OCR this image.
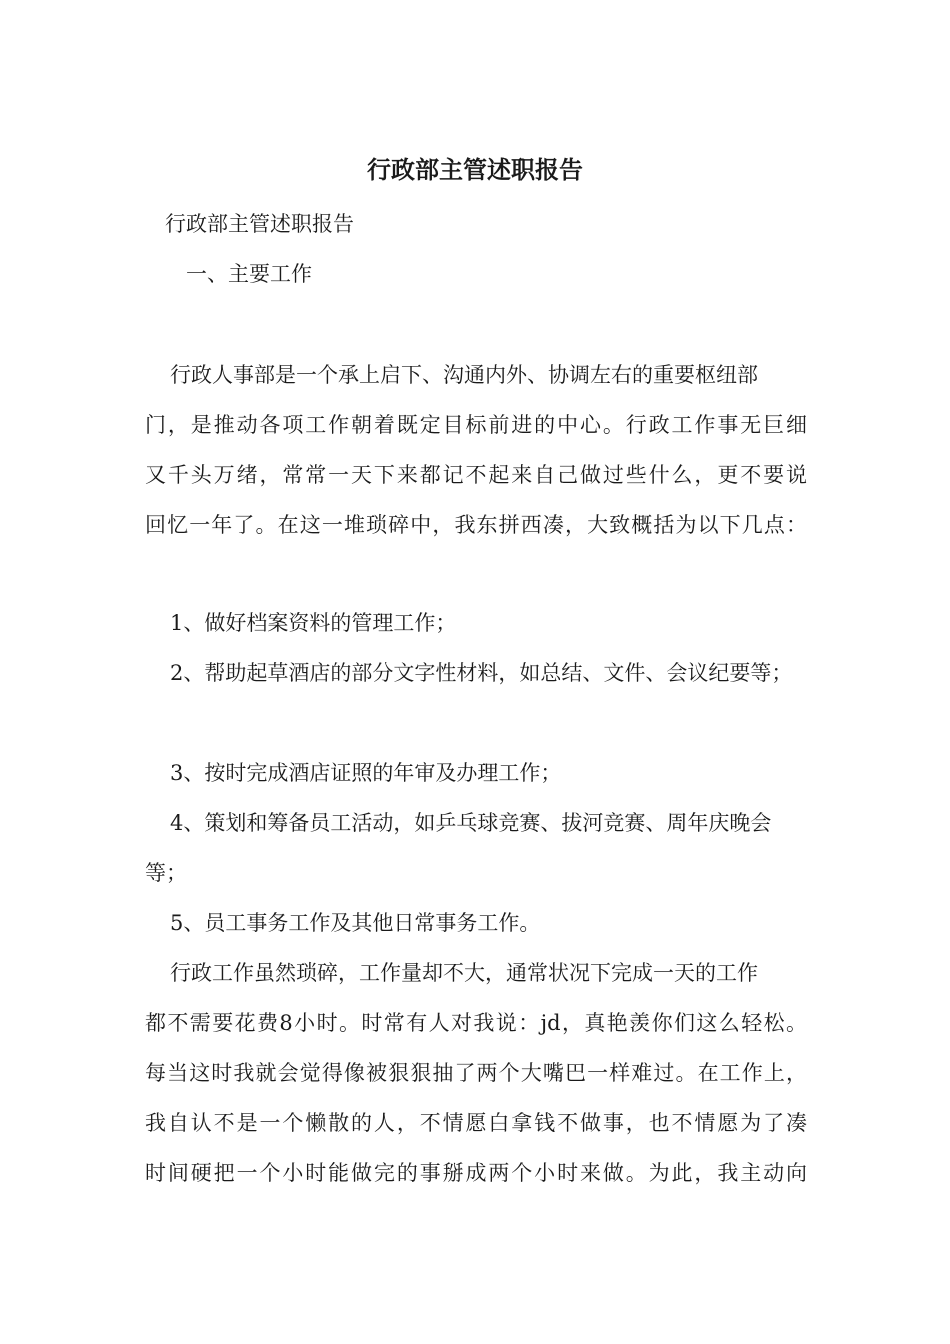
行政部主管述职报告
行政部主管述职报告
一、主要工作
行政人事部是一个承上启下、沟通内外、协调左右的重要枢纽部
门，是推动各项工作朝着既定目标前进的中心。行政工作事无巨细
又千头万绪，常常一天下来都记不起来自己做过些什么，更不要说
回忆一年了。在这一堆琐碎中，我东拼西凑，大致概括为以下几点：
1、做好档案资料的管理工作；
2、帮助起草酒店的部分文字性材料，如总结、文件、会议纪要等；
3、按时完成酒店证照的年审及办理工作；
4、策划和筹备员工活动，如乒乓球竞赛、拔河竞赛、周年庆晚会
等；
5、员工事务工作及其他日常事务工作。
行政工作虽然琐碎，工作量却不大，通常状况下完成一天的工作
都不需要花费8小时。时常有人对我说：jd，真艳羡你们这么轻松。
每当这时我就会觉得像被狠狠抽了两个大嘴巴一样难过。在工作上，
我自认不是一个懒散的人，不情愿白拿钱不做事，也不情愿为了凑
时间硬把一个小时能做完的事掰成两个小时来做。为此，我主动向
